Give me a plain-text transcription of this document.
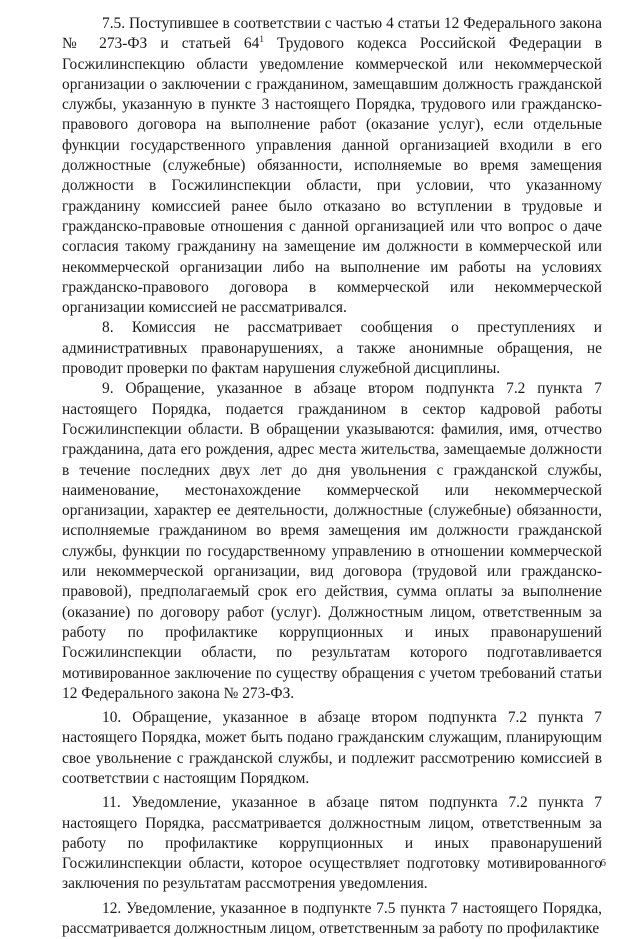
7.5. Поступившее в соответствии с частью 4 статьи 12 Федерального закона № 273-ФЗ и статьей $64^1$ Трудового кодекса Российской Федерации в Госжилинспекцию области уведомление коммерческой или некоммерческой организации о заключении с гражданином, замещавшим должность гражданской службы, указанную в пункте 3 настоящего Порядка, трудового или гражданско-правового договора на выполнение работ (оказание услуг), если отдельные функции государственного управления данной организацией входили в его должностные (служебные) обязанности, исполняемые во время замещения должности в Госжилинспекции области, при условии, что указанному гражданину комиссией ранее было отказано во вступлении в трудовые и гражданско-правовые отношения с данной организацией или что вопрос о даче согласия такому гражданину на замещение им должности в коммерческой или некоммерческой организации либо на выполнение им работы на условиях гражданско-правового договора в коммерческой или некоммерческой организации комиссией не рассматривался.

8. Комиссия не рассматривает сообщения о преступлениях и административных правонарушениях, а также анонимные обращения, не проводит проверки по фактам нарушения служебной дисциплины.

9. Обращение, указанное в абзаце втором подпункта 7.2 пункта 7 настоящего Порядка, подается гражданином в сектор кадровой работы Госжилинспекции области. В обращении указываются: фамилия, имя, отчество гражданина, дата его рождения, адрес места жительства, замещаемые должности в течение последних двух лет до дня увольнения с гражданской службы, наименование, местонахождение коммерческой или некоммерческой организации, характер ее деятельности, должностные (служебные) обязанности, исполняемые гражданином во время замещения им должности гражданской службы, функции по государственному управлению в отношении коммерческой или некоммерческой организации, вид договора (трудовой или гражданско-правовой), предполагаемый срок его действия, сумма оплаты за выполнение (оказание) по договору работ (услуг). Должностным лицом, ответственным за работу по профилактике коррупционных и иных правонарушений Госжилинспекции области, по результатам которого подготавливается мотивированное заключение по существу обращения с учетом требований статьи 12 Федерального закона № 273-ФЗ.

10. Обращение, указанное в абзаце втором подпункта 7.2 пункта 7 настоящего Порядка, может быть подано гражданским служащим, планирующим свое увольнение с гражданской службы, и подлежит рассмотрению комиссией в соответствии с настоящим Порядком.

11. Уведомление, указанное в абзаце пятом подпункта 7.2 пункта 7 настоящего Порядка, рассматривается должностным лицом, ответственным за работу по профилактике коррупционных и иных правонарушений Госжилинспекции области, которое осуществляет подготовку мотивированного заключения по результатам рассмотрения уведомления.

12. Уведомление, указанное в подпункте 7.5 пункта 7 настоящего Порядка, рассматривается должностным лицом, ответственным за работу по профилактике

6
